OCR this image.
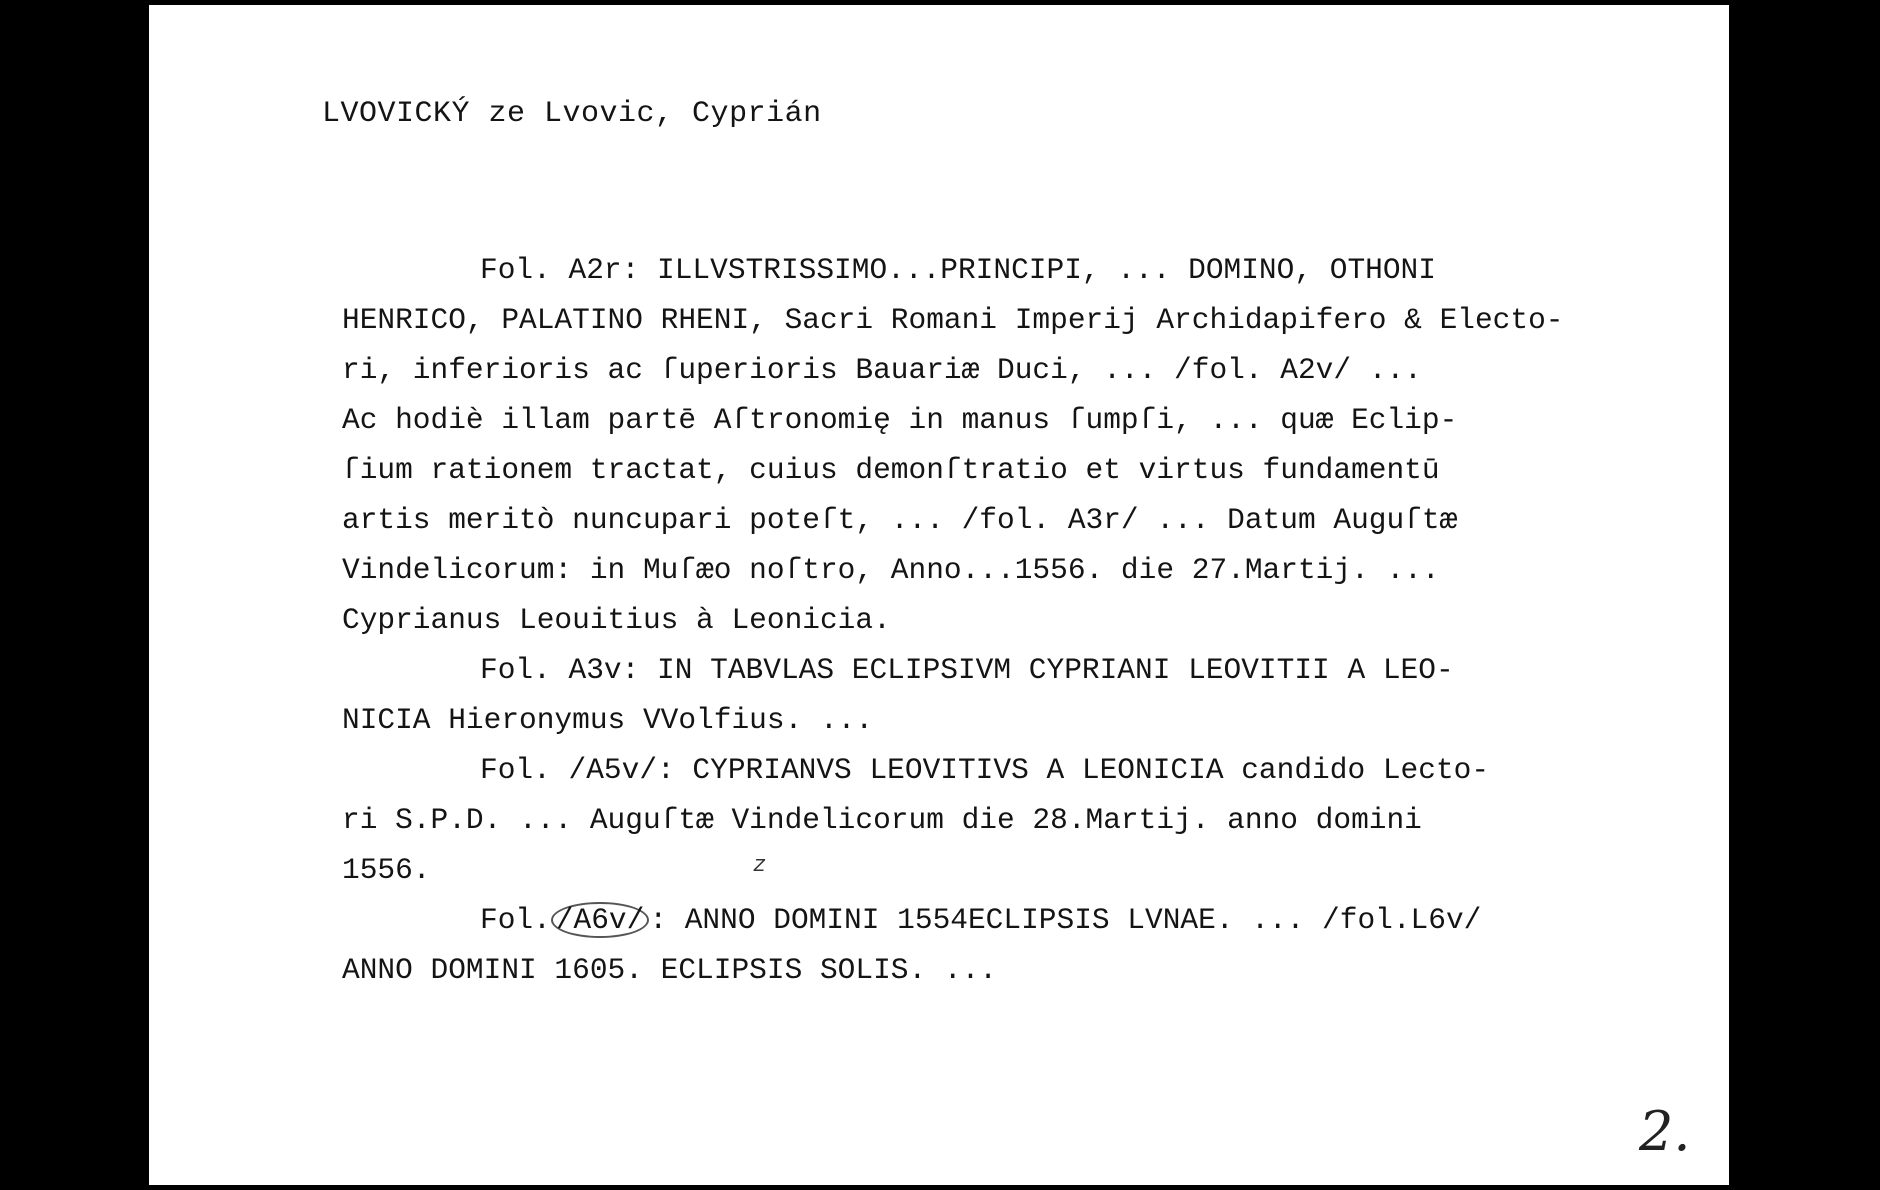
LVOVICKÝ ze Lvovic, Cyprián
Fol. A2r: ILLVSTRISSIMO...PRINCIPI, ... DOMINO, OTHONI
HENRICO, PALATINO RHENI, Sacri Romani Imperij Archidapifero & Electo-
ri, inferioris ac ſuperioris Bauariæ Duci, ... /fol. A2v/ ...
Ac hodiè illam partē Aſtronomię in manus ſumpſi, ... quæ Eclip-
ſium rationem tractat, cuius demonſtratio et virtus fundamentū
artis meritò nuncupari poteſt, ... /fol. A3r/ ... Datum Auguſtæ
Vindelicorum: in Muſæo noſtro, Anno...1556. die 27.Martij. ...
Cyprianus Leouitius à Leonicia.
Fol. A3v: IN TABVLAS ECLIPSIVM CYPRIANI LEOVITII A LEO-
NICIA Hieronymus VVolfius. ...
Fol. /A5v/: CYPRIANVS LEOVITIVS A LEONICIA candido Lecto-
ri S.P.D. ... Auguſtæ Vindelicorum die 28.Martij. anno domini
1556.
Fol. /A6v/ : ANNO DOMINI 1554ECLIPSIS LVNAE. ... /fol.L6v/
ANNO DOMINI 1605. ECLIPSIS SOLIS. ...
z
2.
